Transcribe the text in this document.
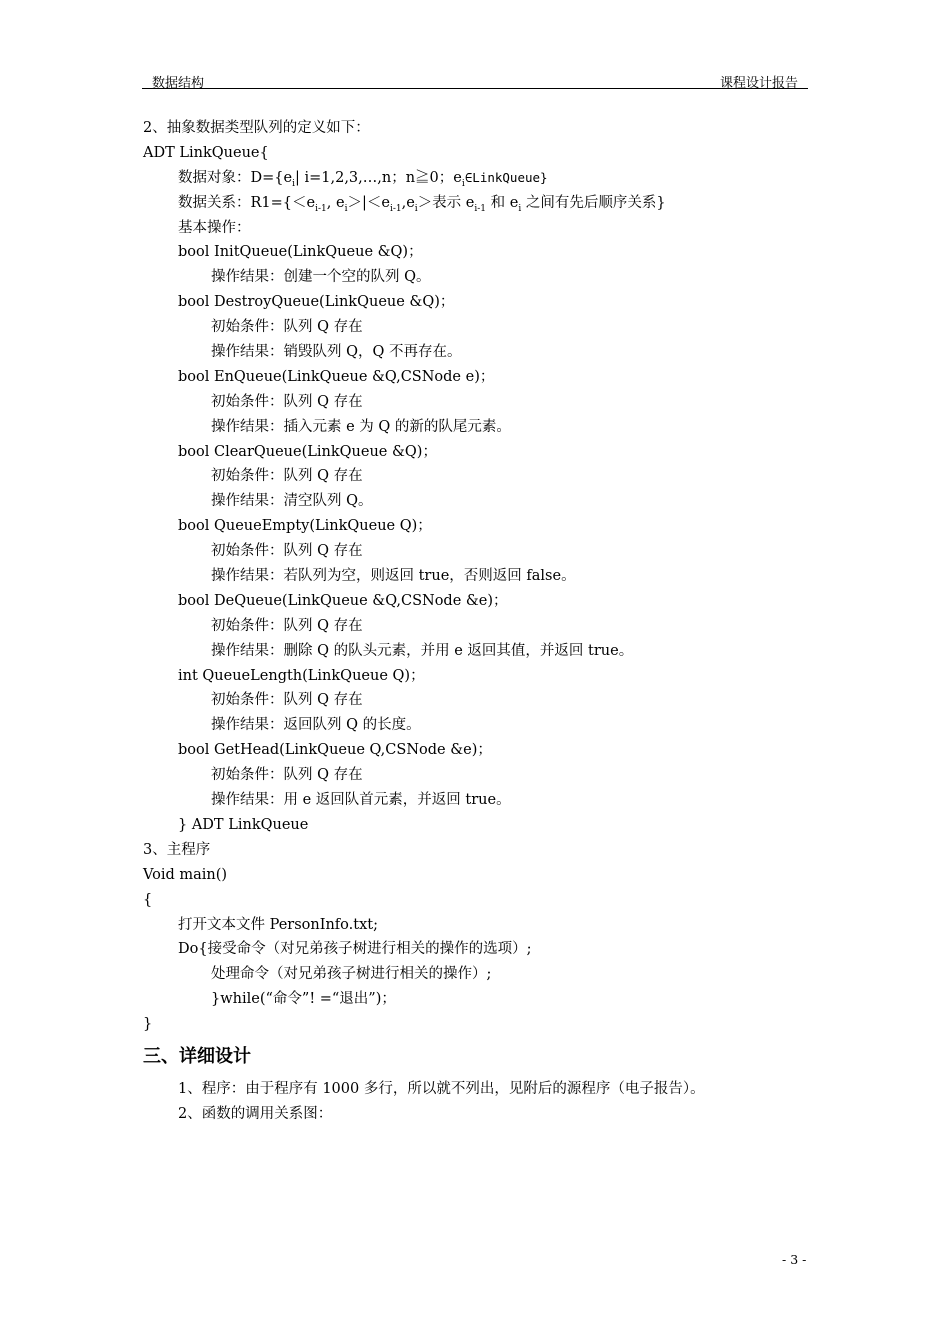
数据结构	课程设计报告
2、抽象数据类型队列的定义如下：
ADT LinkQueue{
数据对象：$D=\{e_i|$ i=1,2,3,…,n；n≧0；$e_i\in LinkQueue$}
数据关系：$R1=\{<e_{i-1}$, $e_i>|<e_{i-1},e_i>$表示 $e_{i-1}$ 和 $e_i$ 之间有先后顺序关系}
基本操作：
bool InitQueue(LinkQueue &Q)；
操作结果：创建一个空的队列 Q。
bool DestroyQueue(LinkQueue &Q)；
初始条件：队列 Q 存在
操作结果：销毁队列 Q，Q 不再存在。
bool EnQueue(LinkQueue &Q,CSNode e)；
初始条件：队列 Q 存在
操作结果：插入元素 e 为 Q 的新的队尾元素。
bool ClearQueue(LinkQueue &Q)；
初始条件：队列 Q 存在
操作结果：清空队列 Q。
bool QueueEmpty(LinkQueue Q)；
初始条件：队列 Q 存在
操作结果：若队列为空，则返回 true，否则返回 false。
bool DeQueue(LinkQueue &Q,CSNode &e)；
初始条件：队列 Q 存在
操作结果：删除 Q 的队头元素，并用 e 返回其值，并返回 true。
int QueueLength(LinkQueue Q)；
初始条件：队列 Q 存在
操作结果：返回队列 Q 的长度。
bool GetHead(LinkQueue Q,CSNode &e)；
初始条件：队列 Q 存在
操作结果：用 e 返回队首元素，并返回 true。
} ADT LinkQueue
3、主程序
Void main()
{
打开文本文件 PersonInfo.txt;
Do{接受命令（对兄弟孩子树进行相关的操作的选项）;
处理命令（对兄弟孩子树进行相关的操作）;
}while(“命令”! =“退出”)；
}
三、详细设计
1、程序：由于程序有 1000 多行，所以就不列出，见附后的源程序（电子报告）。
2、函数的调用关系图：
- 3 -
